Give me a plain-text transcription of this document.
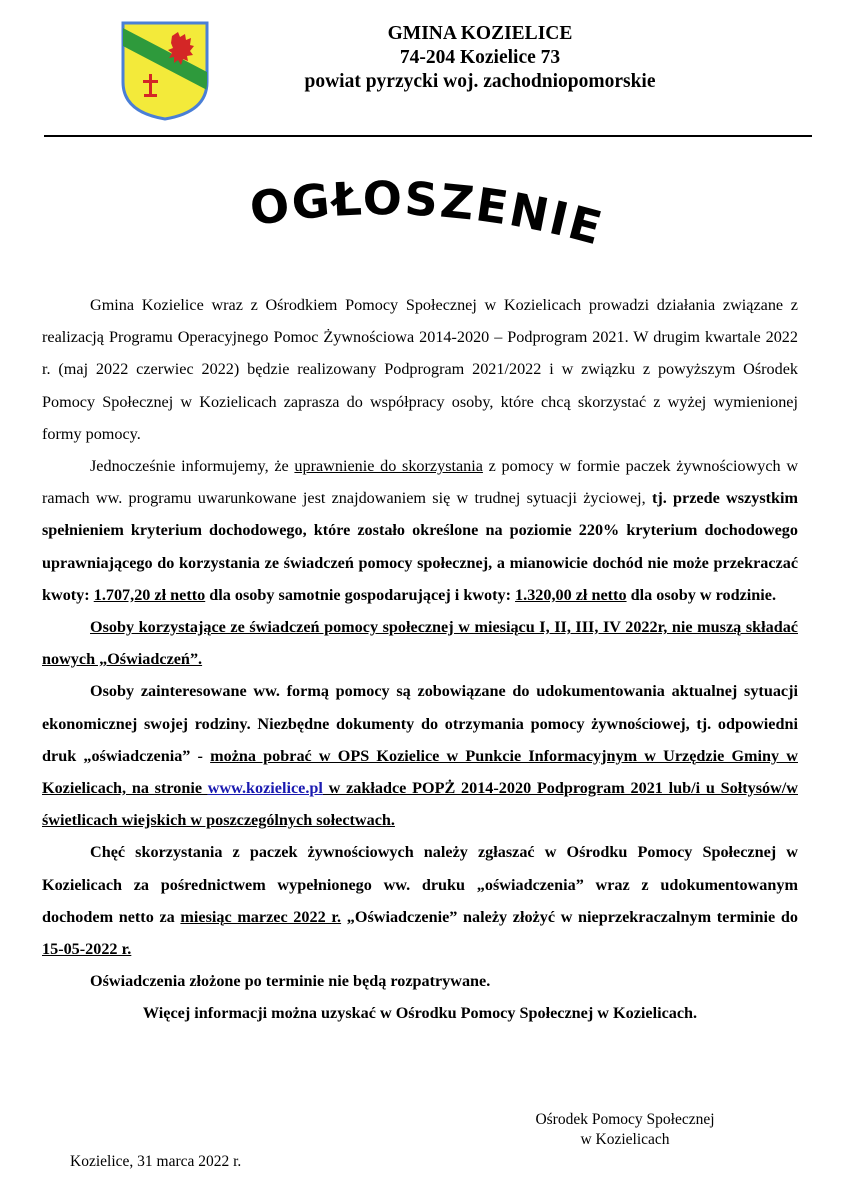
GMINA KOZIELICE
74-204 Kozielice 73
powiat pyrzycki woj. zachodniopomorskie
OGŁOSZENIE

Gmina Kozielice wraz z Ośrodkiem Pomocy Społecznej w Kozielicach prowadzi działania związane z realizacją Programu Operacyjnego Pomoc Żywnościowa 2014-2020 – Podprogram 2021. W drugim kwartale 2022 r. (maj 2022 czerwiec 2022) będzie realizowany Podprogram 2021/2022 i w związku z powyższym Ośrodek Pomocy Społecznej w Kozielicach zaprasza do współpracy osoby, które chcą skorzystać z wyżej wymienionej formy pomocy.

Jednocześnie informujemy, że uprawnienie do skorzystania z pomocy w formie paczek żywnościowych w ramach ww. programu uwarunkowane jest znajdowaniem się w trudnej sytuacji życiowej, tj. przede wszystkim spełnieniem kryterium dochodowego, które zostało określone na poziomie 220% kryterium dochodowego uprawniającego do korzystania ze świadczeń pomocy społecznej, a mianowicie dochód nie może przekraczać kwoty: 1.707,20 zł netto dla osoby samotnie gospodarującej i kwoty: 1.320,00 zł netto dla osoby w rodzinie.

Osoby korzystające ze świadczeń pomocy społecznej w miesiącu I, II, III, IV 2022r, nie muszą składać nowych „Oświadczeń”.

Osoby zainteresowane ww. formą pomocy są zobowiązane do udokumentowania aktualnej sytuacji ekonomicznej swojej rodziny. Niezbędne dokumenty do otrzymania pomocy żywnościowej, tj. odpowiedni druk „oświadczenia” - można pobrać w OPS Kozielice w Punkcie Informacyjnym w Urzędzie Gminy w Kozielicach, na stronie www.kozielice.pl w zakładce POPŻ 2014-2020 Podprogram 2021 lub/i u Sołtysów/w świetlicach wiejskich w poszczególnych sołectwach.

Chęć skorzystania z paczek żywnościowych należy zgłaszać w Ośrodku Pomocy Społecznej w Kozielicach za pośrednictwem wypełnionego ww. druku „oświadczenia” wraz z udokumentowanym dochodem netto za miesiąc marzec 2022 r. „Oświadczenie” należy złożyć w nieprzekraczalnym terminie do 15-05-2022 r.

Oświadczenia złożone po terminie nie będą rozpatrywane.

Więcej informacji można uzyskać w Ośrodku Pomocy Społecznej w Kozielicach.

Ośrodek Pomocy Społecznej
w Kozielicach
Kozielice, 31 marca 2022 r.
